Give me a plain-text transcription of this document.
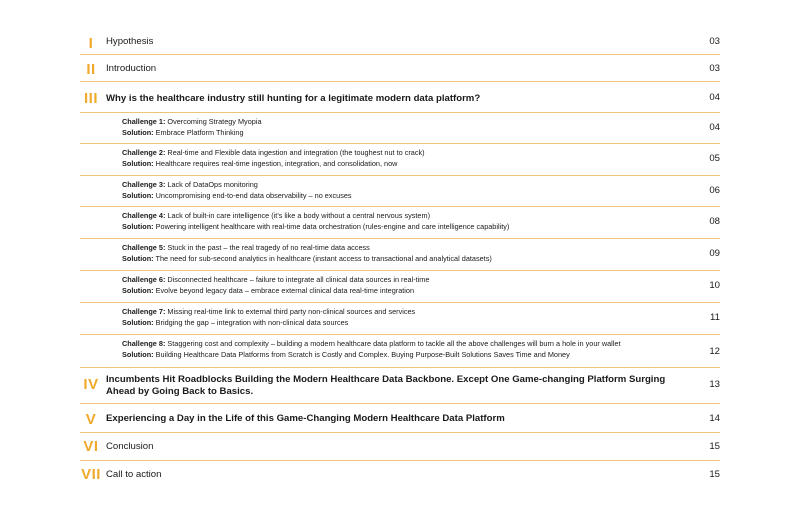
I	Hypothesis	03
II	Introduction	03
III Why is the healthcare industry still hunting for a legitimate modern data platform?	04
Challenge 1: Overcoming Strategy Myopia
Solution: Embrace Platform Thinking	04
Challenge 2: Real-time and Flexible data ingestion and integration (the toughest nut to crack)
Solution: Healthcare requires real-time ingestion, integration, and consolidation, now	05
Challenge 3: Lack of DataOps monitoring
Solution: Uncompromising end-to-end data observability – no excuses	06
Challenge 4: Lack of built-in care intelligence (it's like a body without a central nervous system)
Solution: Powering intelligent healthcare with real-time data orchestration (rules-engine and care intelligence capability)	08
Challenge 5: Stuck in the past – the real tragedy of no real-time data access
Solution: The need for sub-second analytics in healthcare (instant access to transactional and analytical datasets)	09
Challenge 6: Disconnected healthcare – failure to integrate all clinical data sources in real-time
Solution: Evolve beyond legacy data – embrace external clinical data real-time integration	10
Challenge 7: Missing real-time link to external third party non-clinical sources and services
Solution: Bridging the gap – integration with non-clinical data sources	11
Challenge 8: Staggering cost and complexity – building a modern healthcare data platform to tackle all the above challenges will burn a hole in your wallet
Solution: Building Healthcare Data Platforms from Scratch is Costly and Complex. Buying Purpose-Built Solutions Saves Time and Money	12
IV Incumbents Hit Roadblocks Building the Modern Healthcare Data Backbone. Except One Game-changing Platform Surging Ahead by Going Back to Basics.
13
V	Experiencing a Day in the Life of this Game-Changing Modern Healthcare Data Platform	14
VI Conclusion	15
VII Call to action	15
